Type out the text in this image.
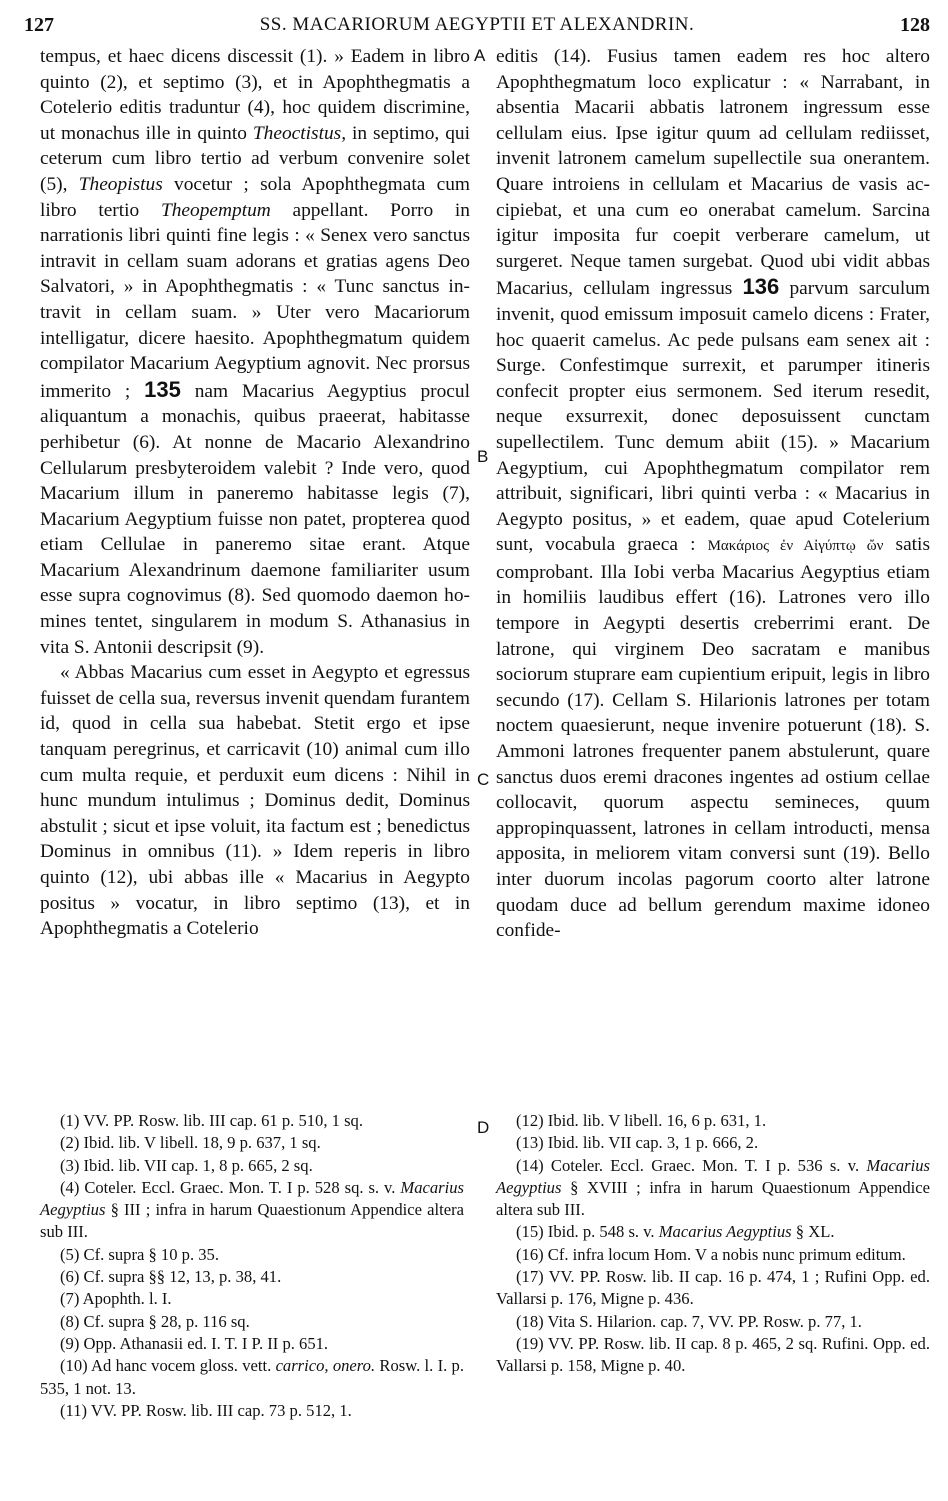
127	SS. MACARIORUM AEGYPTII ET ALEXANDRIN.	128
A
B
C
D

tempus, et haec dicens discessit (1). » Eadem in libro quinto (2), et septimo (3), et in Apophthegmatis a Cotelerio editis traduntur (4), hoc quidem discrimine, ut monachus ille in quinto Theoctistus, in septimo, qui ceterum cum libro tertio ad verbum convenire solet (5), Theopistus vocetur ; sola Apophthegmata cum libro tertio Theopemptum appellant. Porro in narrationis libri quinti fine legis : « Senex vero sanctus intravit in cellam suam adorans et gratias agens Deo Salvatori, » in Apophthegmatis : « Tunc sanctus intravit in cellam suam. » Uter vero Macariorum intelligatur, dicere haesito. Apophthegmatum quidem compilator Macarium Aegyptium agnovit. Nec prorsus immerito ; 135 nam Macarius Aegyptius procul aliquantum a monachis, quibus praeerat, habitasse perhibetur (6). At nonne de Macario Alexandrino Cellularum presbyteroidem valebit ? Inde vero, quod Macarium illum in paneremo habitasse legis (7), Macarium Aegyptium fuisse non patet, propterea quod etiam Cellulae in paneremo sitae erant. Atque Macarium Alexandrinum daemone familiariter usum esse supra cognovimus (8). Sed quomodo daemon homines tentet, singularem in modum S. Athanasius in vita S. Antonii descripsit (9).

« Abbas Macarius cum esset in Aegypto et egressus fuisset de cella sua, reversus invenit quendam furantem id, quod in cella sua habebat. Stetit ergo et ipse tanquam peregrinus, et carricavit (10) animal cum illo cum multa requie, et perduxit eum dicens : Nihil in hunc mundum intulimus ; Dominus dedit, Dominus abstulit ; sicut et ipse voluit, ita factum est ; benedictus Dominus in omnibus (11). » Idem reperis in libro quinto (12), ubi abbas ille « Macarius in Aegypto positus » vocatur, in libro septimo (13), et in Apophthegmatis a Cotelerio

editis (14). Fusius tamen eadem res hoc altero Apophthegmatum loco explicatur : « Narrabant, in absentia Macarii abbatis latronem ingressum esse cellulam eius. Ipse igitur quum ad cellulam rediisset, invenit latronem camelum supellectile sua onerantem. Quare introiens in cellulam et Macarius de vasis accipiebat, et una cum eo onerabat camelum. Sarcina igitur imposita fur coepit verberare camelum, ut surgeret. Neque tamen surgebat. Quod ubi vidit abbas Macarius, cellulam ingressus 136 parvum sarculum invenit, quod emissum imposuit camelo dicens : Frater, hoc quaerit camelus. Ac pede pulsans eam senex ait : Surge. Confestimque surrexit, et parumper itineris confecit propter eius sermonem. Sed iterum resedit, neque exsurrexit, donec deposuissent cunctam supellectilem. Tunc demum abiit (15). » Macarium Aegyptium, cui Apophthegmatum compilator rem attribuit, significari, libri quinti verba : « Macarius in Aegypto positus, » et eadem, quae apud Cotelerium sunt, vocabula graeca : Μακάριος ἐν Αἰγύπτῳ ὤν satis comprobant. Illa Iobi verba Macarius Aegyptius etiam in homiliis laudibus effert (16). Latrones vero illo tempore in Aegypti desertis creberrimi erant. De latrone, qui virginem Deo sacratam e manibus sociorum stuprare eam cupientium eripuit, legis in libro secundo (17). Cellam S. Hilarionis latrones per totam noctem quaesierunt, neque invenire potuerunt (18). S. Ammoni latrones frequenter panem abstulerunt, quare sanctus duos eremi dracones ingentes ad ostium cellae collocavit, quorum aspectu semineces, quum appropinquassent, latrones in cellam introducti, mensa apposita, in meliorem vitam conversi sunt (19). Bello inter duorum incolas pagorum coorto alter latrone quodam duce ad bellum gerendum maxime idoneo confide-

(1) VV. PP. Rosw. lib. III cap. 61 p. 510, 1 sq.

(2) Ibid. lib. V libell. 18, 9 p. 637, 1 sq.

(3) Ibid. lib. VII cap. 1, 8 p. 665, 2 sq.

(4) Coteler. Eccl. Graec. Mon. T. I p. 528 sq. s. v. Macarius Aegyptius § III ; infra in harum Quaestionum Appendice altera sub III.

(5) Cf. supra § 10 p. 35.

(6) Cf. supra §§ 12, 13, p. 38, 41.

(7) Apophth. l. I.

(8) Cf. supra § 28, p. 116 sq.

(9) Opp. Athanasii ed. I. T. I P. II p. 651.

(10) Ad hanc vocem gloss. vett. carrico, onero. Rosw. l. I. p. 535, 1 not. 13.

(11) VV. PP. Rosw. lib. III cap. 73 p. 512, 1.

(12) Ibid. lib. V libell. 16, 6 p. 631, 1.

(13) Ibid. lib. VII cap. 3, 1 p. 666, 2.

(14) Coteler. Eccl. Graec. Mon. T. I p. 536 s. v. Macarius Aegyptius § XVIII ; infra in harum Quaestionum Appendice altera sub III.

(15) Ibid. p. 548 s. v. Macarius Aegyptius § XL.

(16) Cf. infra locum Hom. V a nobis nunc primum editum.

(17) VV. PP. Rosw. lib. II cap. 16 p. 474, 1 ; Rufini Opp. ed. Vallarsi p. 176, Migne p. 436.

(18) Vita S. Hilarion. cap. 7, VV. PP. Rosw. p. 77, 1.

(19) VV. PP. Rosw. lib. II cap. 8 p. 465, 2 sq. Rufini. Opp. ed. Vallarsi p. 158, Migne p. 40.
